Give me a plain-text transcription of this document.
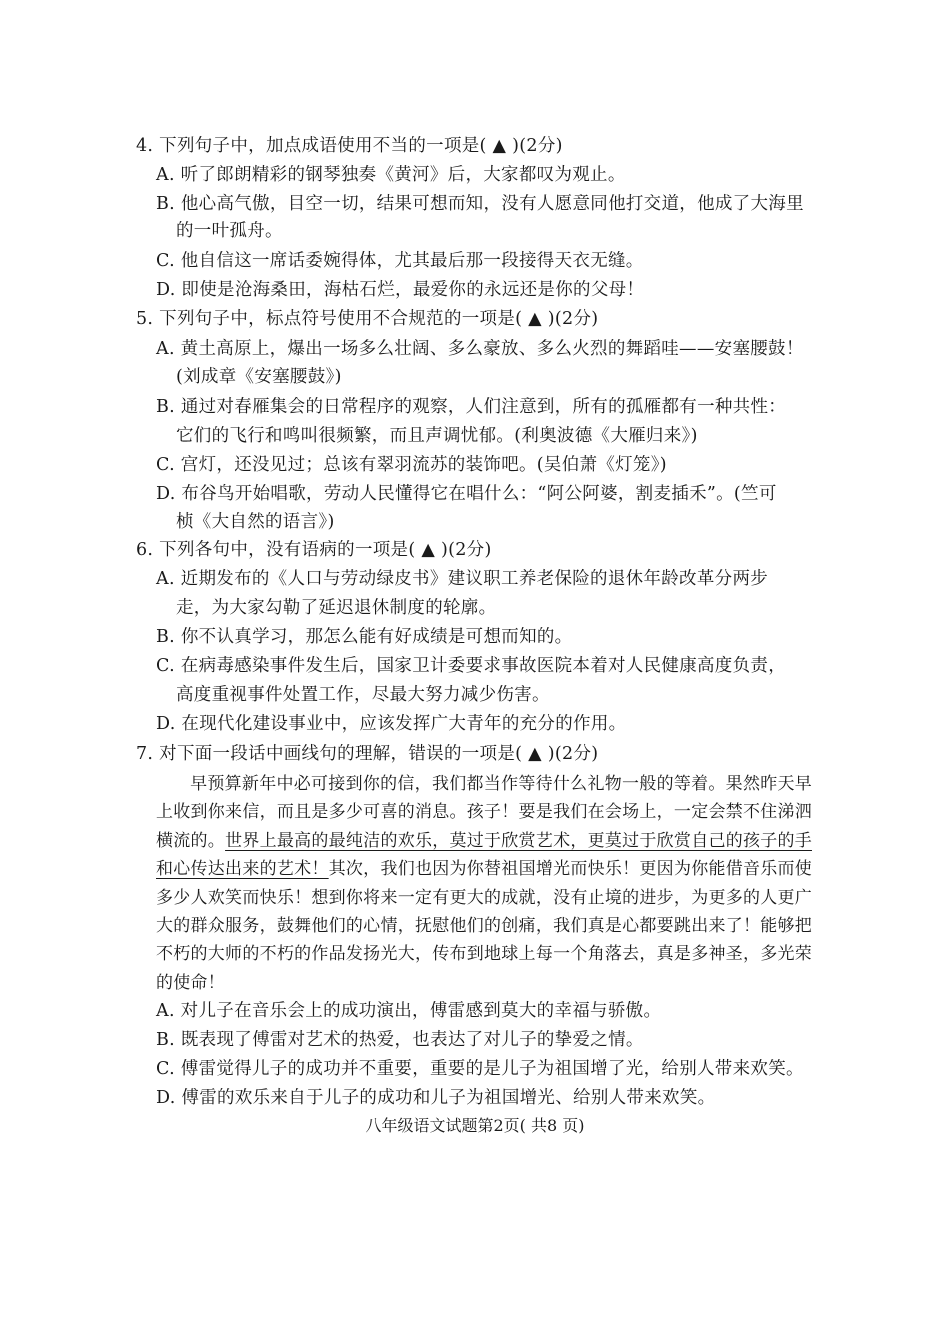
4. 下列句子中，加点成语使用不当的一项是( ▲ )(2分)
A. 听了郎朗精彩的钢琴独奏《黄河》后，大家都叹为观止。
B. 他心高气傲，目空一切，结果可想而知，没有人愿意同他打交道，他成了大海里
的一叶孤舟。
C. 他自信这一席话委婉得体，尤其最后那一段接得天衣无缝。
D. 即使是沧海桑田，海枯石烂，最爱你的永远还是你的父母！
5. 下列句子中，标点符号使用不合规范的一项是( ▲ )(2分)
A. 黄土高原上，爆出一场多么壮阔、多么豪放、多么火烈的舞蹈哇——安塞腰鼓！
(刘成章《安塞腰鼓》)
B. 通过对春雁集会的日常程序的观察，人们注意到，所有的孤雁都有一种共性：
它们的飞行和鸣叫很频繁，而且声调忧郁。(利奥波德《大雁归来》)
C. 宫灯，还没见过；总该有翠羽流苏的装饰吧。(吴伯萧《灯笼》)
D. 布谷鸟开始唱歌，劳动人民懂得它在唱什么：“阿公阿婆，割麦插禾”。(竺可
桢《大自然的语言》)
6. 下列各句中，没有语病的一项是( ▲ )(2分)
A. 近期发布的《人口与劳动绿皮书》建议职工养老保险的退休年龄改革分两步
走，为大家勾勒了延迟退休制度的轮廓。
B. 你不认真学习，那怎么能有好成绩是可想而知的。
C. 在病毒感染事件发生后，国家卫计委要求事故医院本着对人民健康高度负责，
高度重视事件处置工作，尽最大努力减少伤害。
D. 在现代化建设事业中，应该发挥广大青年的充分的作用。
7. 对下面一段话中画线句的理解，错误的一项是( ▲ )(2分)
早预算新年中必可接到你的信，我们都当作等待什么礼物一般的等着。果然昨天早上收到你来信，而且是多少可喜的消息。孩子！要是我们在会场上，一定会禁不住涕泗横流的。世界上最高的最纯洁的欢乐，莫过于欣赏艺术，更莫过于欣赏自己的孩子的手和心传达出来的艺术！其次，我们也因为你替祖国增光而快乐！更因为你能借音乐而使多少人欢笑而快乐！想到你将来一定有更大的成就，没有止境的进步，为更多的人更广大的群众服务，鼓舞他们的心情，抚慰他们的创痛，我们真是心都要跳出来了！能够把不朽的大师的不朽的作品发扬光大，传布到地球上每一个角落去，真是多神圣，多光荣的使命！
A. 对儿子在音乐会上的成功演出，傅雷感到莫大的幸福与骄傲。
B. 既表现了傅雷对艺术的热爱，也表达了对儿子的挚爱之情。
C. 傅雷觉得儿子的成功并不重要，重要的是儿子为祖国增了光，给别人带来欢笑。
D. 傅雷的欢乐来自于儿子的成功和儿子为祖国增光、给别人带来欢笑。
八年级语文试题第2页( 共8 页)
